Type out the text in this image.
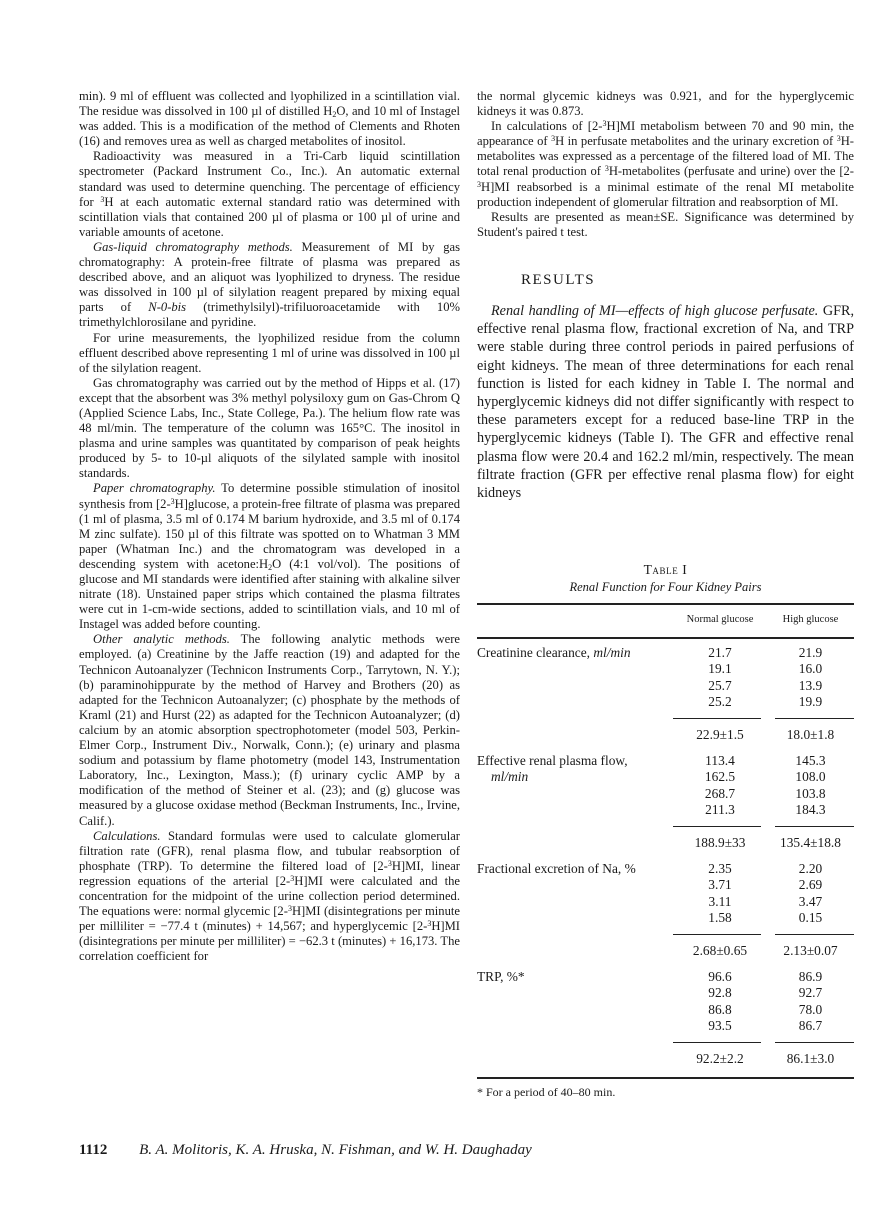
min). 9 ml of effluent was collected and lyophilized in a scintillation vial. The residue was dissolved in 100 µl of distilled $H_2O$, and 10 ml of Instagel was added. This is a modification of the method of Clements and Rhoten (16) and removes urea as well as charged metabolites of inositol.

Radioactivity was measured in a Tri-Carb liquid scintillation spectrometer (Packard Instrument Co., Inc.). An automatic external standard was used to determine quenching. The percentage of efficiency for $^3$H at each automatic external standard ratio was determined with scintillation vials that contained 200 µl of plasma or 100 µl of urine and variable amounts of acetone.

Gas-liquid chromatography methods. Measurement of MI by gas chromatography: A protein-free filtrate of plasma was prepared as described above, and an aliquot was lyophilized to dryness. The residue was dissolved in 100 µl of silylation reagent prepared by mixing equal parts of N-0-bis (trimethylsilyl)-trifiluoroacetamide with 10% trimethylchlorosilane and pyridine.

For urine measurements, the lyophilized residue from the column effluent described above representing 1 ml of urine was dissolved in 100 µl of the silylation reagent.

Gas chromatography was carried out by the method of Hipps et al. (17) except that the absorbent was 3% methyl polysiloxy gum on Gas-Chrom Q (Applied Science Labs, Inc., State College, Pa.). The helium flow rate was 48 ml/min. The temperature of the column was 165°C. The inositol in plasma and urine samples was quantitated by comparison of peak heights produced by 5- to 10-µl aliquots of the silylated sample with inositol standards.

Paper chromatography. To determine possible stimulation of inositol synthesis from [2-$^3$H]glucose, a protein-free filtrate of plasma was prepared (1 ml of plasma, 3.5 ml of 0.174 M barium hydroxide, and 3.5 ml of 0.174 M zinc sulfate). 150 µl of this filtrate was spotted on to Whatman 3 MM paper (Whatman Inc.) and the chromatogram was developed in a descending system with $acetone:H_2O$ (4:1 vol/vol). The positions of glucose and MI standards were identified after staining with alkaline silver nitrate (18). Unstained paper strips which contained the plasma filtrates were cut in 1-cm-wide sections, added to scintillation vials, and 10 ml of Instagel was added before counting.

Other analytic methods. The following analytic methods were employed. (a) Creatinine by the Jaffe reaction (19) and adapted for the Technicon Autoanalyzer (Technicon Instruments Corp., Tarrytown, N. Y.); (b) paraminohippurate by the method of Harvey and Brothers (20) as adapted for the Technicon Autoanalyzer; (c) phosphate by the methods of Kraml (21) and Hurst (22) as adapted for the Technicon Autoanalyzer; (d) calcium by an atomic absorption spectrophotometer (model 503, Perkin-Elmer Corp., Instrument Div., Norwalk, Conn.); (e) urinary and plasma sodium and potassium by flame photometry (model 143, Instrumentation Laboratory, Inc., Lexington, Mass.); (f) urinary cyclic AMP by a modification of the method of Steiner et al. (23); and (g) glucose was measured by a glucose oxidase method (Beckman Instruments, Inc., Irvine, Calif.).

Calculations. Standard formulas were used to calculate glomerular filtration rate (GFR), renal plasma flow, and tubular reabsorption of phosphate (TRP). To determine the filtered load of [2-$^3$H]MI, linear regression equations of the arterial [2-$^3$H]MI were calculated and the concentration for the midpoint of the urine collection period determined. The equations were: normal glycemic [2-$^3$H]MI (disintegrations per minute per milliliter = −77.4 t (minutes) + 14,567; and hyperglycemic [2-$^3$H]MI (disintegrations per minute per milliliter) = −62.3 t (minutes) + 16,173. The correlation coefficient for

the normal glycemic kidneys was 0.921, and for the hyperglycemic kidneys it was 0.873.

In calculations of [2-$^3$H]MI metabolism between 70 and 90 min, the appearance of $^3$H in perfusate metabolites and the urinary excretion of $^3$H-metabolites was expressed as a percentage of the filtered load of MI. The total renal production of $^3$H-metabolites (perfusate and urine) over the [2-$^3$H]MI reabsorbed is a minimal estimate of the renal MI metabolite production independent of glomerular filtration and reabsorption of MI.

Results are presented as mean±SE. Significance was determined by Student's paired t test.

RESULTS

Renal handling of MI—effects of high glucose perfusate. GFR, effective renal plasma flow, fractional excretion of Na, and TRP were stable during three control periods in paired perfusions of eight kidneys. The mean of three determinations for each renal function is listed for each kidney in Table I. The normal and hyperglycemic kidneys did not differ significantly with respect to these parameters except for a reduced base-line TRP in the hyperglycemic kidneys (Table I). The GFR and effective renal plasma flow were 20.4 and 162.2 ml/min, respectively. The mean filtrate fraction (GFR per effective renal plasma flow) for eight kidneys

Table I
Renal Function for Four Kidney Pairs
	Normal glucose	High glucose
Creatinine clearance, ml/min	21.7	21.9
	19.1	16.0
	25.7	13.9
	25.2	19.9

	22.9±1.5	18.0±1.8
Effective renal plasma flow,	113.4	145.3
ml/min	162.5	108.0
	268.7	103.8
	211.3	184.3

	188.9±33	135.4±18.8
Fractional excretion of Na, %	2.35	2.20
	3.71	2.69
	3.11	3.47
	1.58	0.15

	2.68±0.65	2.13±0.07
TRP, %*	96.6	86.9
	92.8	92.7
	86.8	78.0
	93.5	86.7

	92.2±2.2	86.1±3.0
* For a period of 40–80 min.
1112 B. A. Molitoris, K. A. Hruska, N. Fishman, and W. H. Daughaday
